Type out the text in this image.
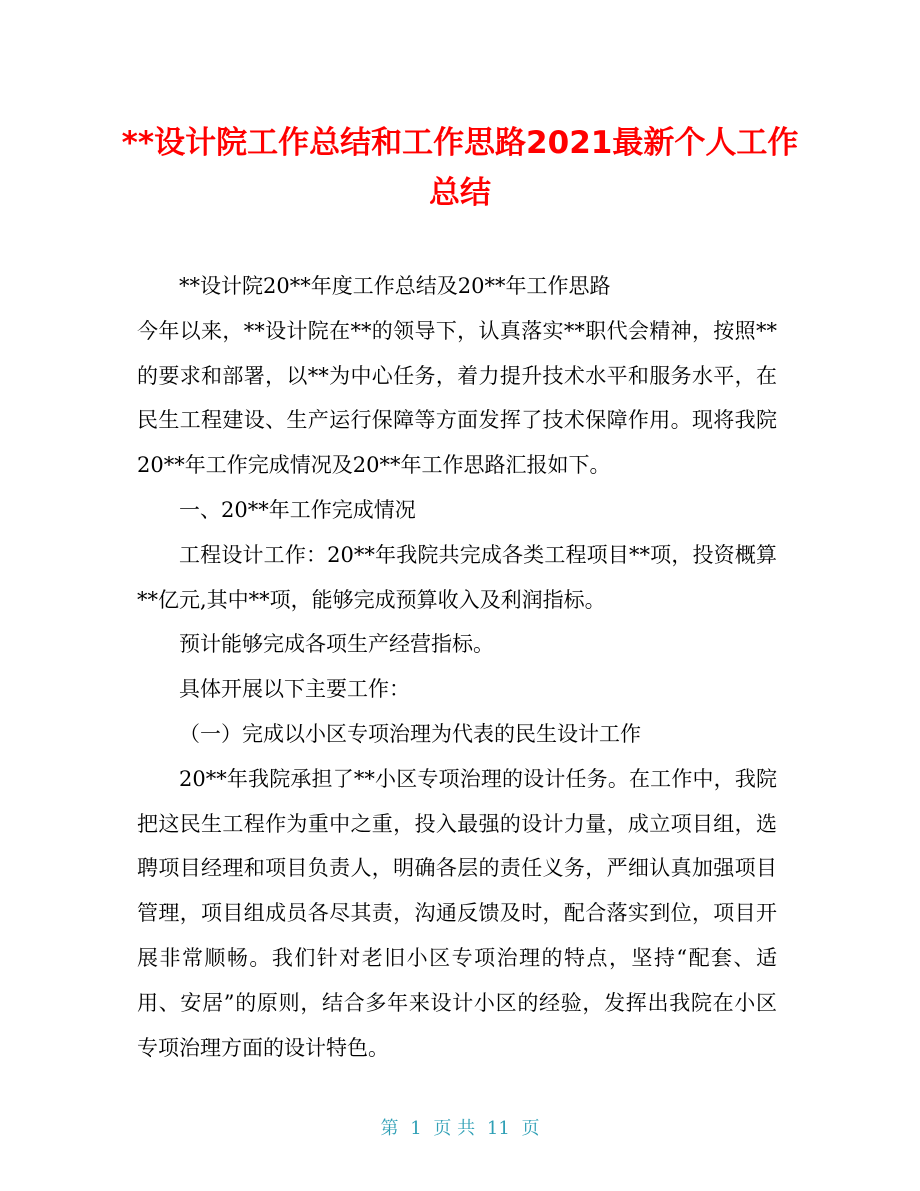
**设计院工作总结和工作思路2021最新个人工作总结

**设计院20**年度工作总结及20**年工作思路

今年以来，**设计院在**的领导下，认真落实**职代会精神，按照**的要求和部署，以**为中心任务，着力提升技术水平和服务水平，在民生工程建设、生产运行保障等方面发挥了技术保障作用。现将我院20**年工作完成情况及20**年工作思路汇报如下。

一、20**年工作完成情况

工程设计工作：20**年我院共完成各类工程项目**项，投资概算**亿元,其中**项，能够完成预算收入及利润指标。

预计能够完成各项生产经营指标。

具体开展以下主要工作：

（一）完成以小区专项治理为代表的民生设计工作

20**年我院承担了**小区专项治理的设计任务。在工作中，我院把这民生工程作为重中之重，投入最强的设计力量，成立项目组，选聘项目经理和项目负责人，明确各层的责任义务，严细认真加强项目管理，项目组成员各尽其责，沟通反馈及时，配合落实到位，项目开展非常顺畅。我们针对老旧小区专项治理的特点，坚持“配套、适用、安居”的原则，结合多年来设计小区的经验，发挥出我院在小区专项治理方面的设计特色。

第 1 页 共 11 页
